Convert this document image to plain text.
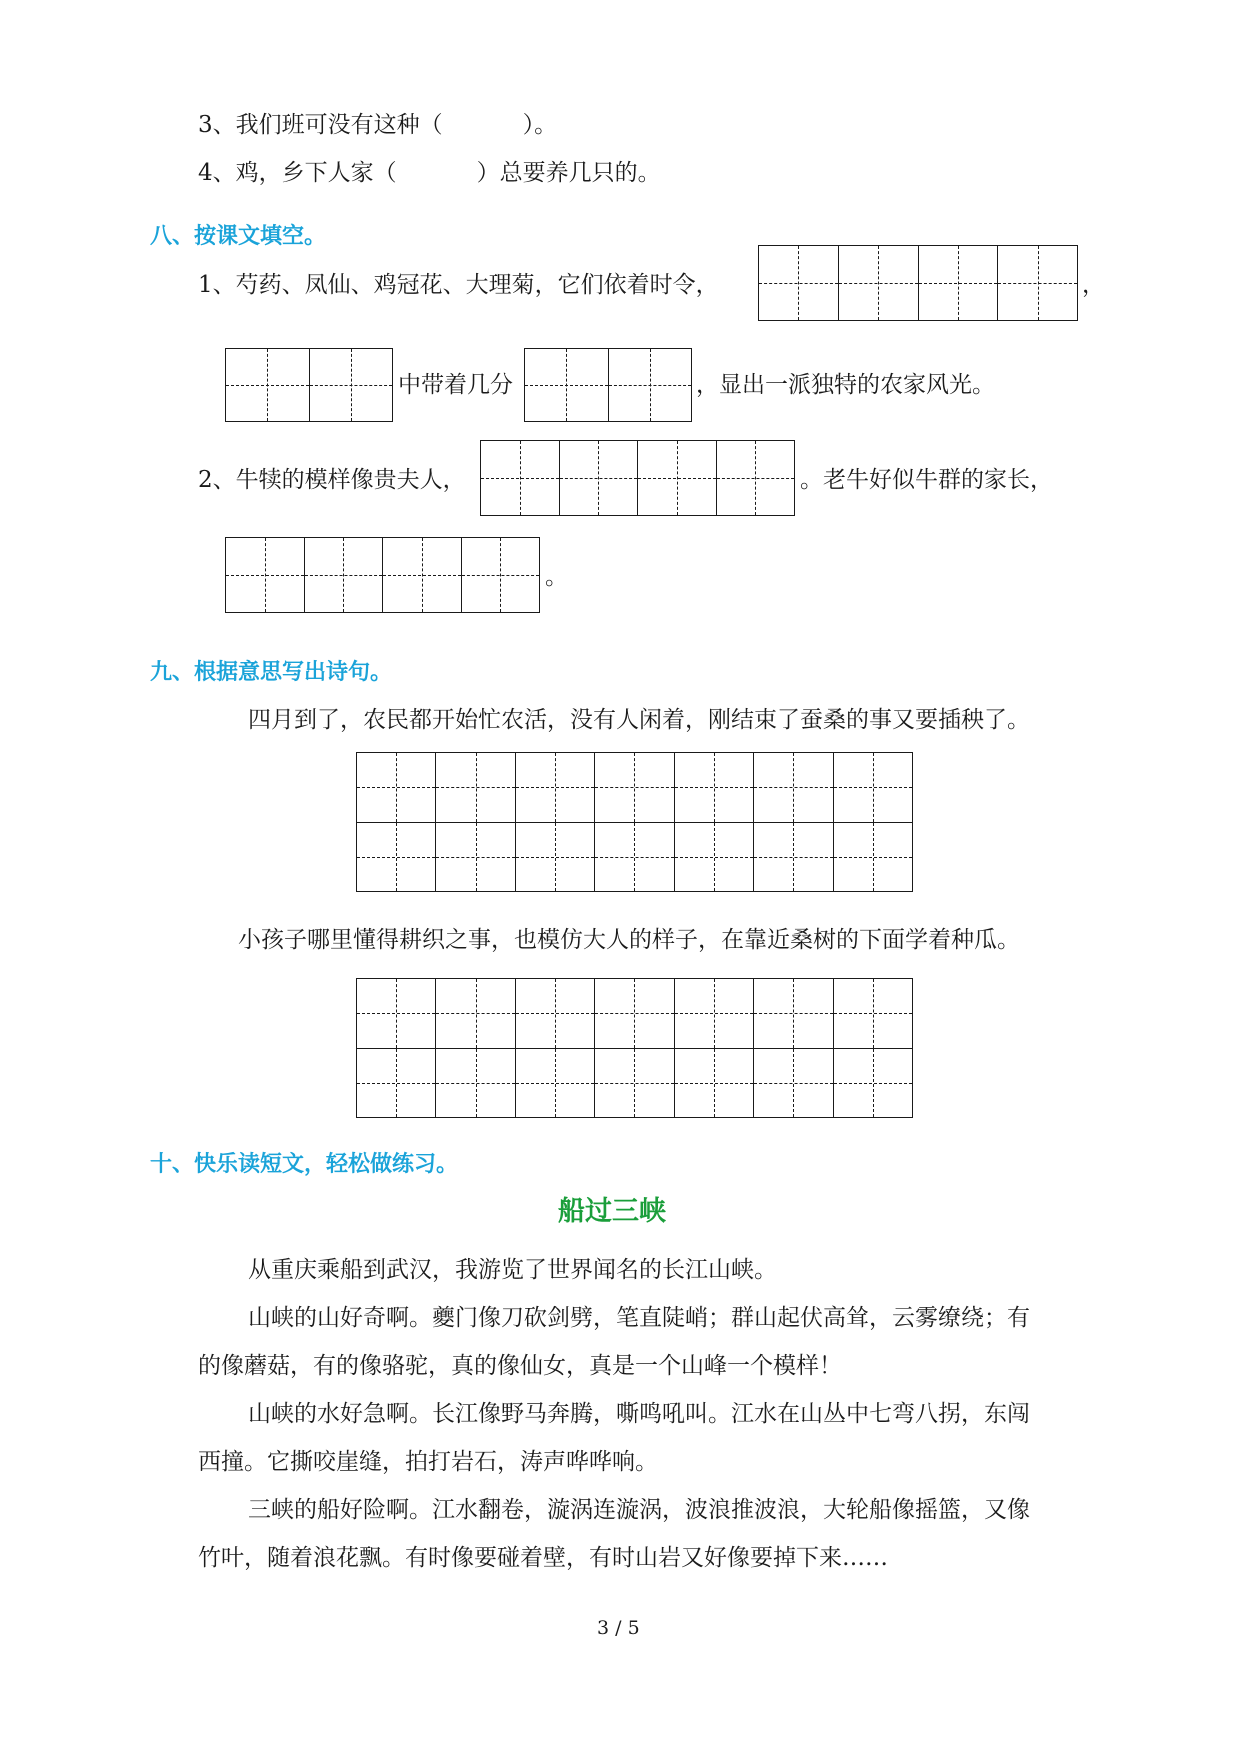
3、我们班可没有这种（	）。
4、鸡，乡下人家（	）总要养几只的。
八、按课文填空。
1、芍药、凤仙、鸡冠花、大理菊，它们依着时令，	，
中带着几分	，显出一派独特的农家风光。
2、牛犊的模样像贵夫人，	。老牛好似牛群的家长，
。
九、根据意思写出诗句。
四月到了，农民都开始忙农活，没有人闲着，刚结束了蚕桑的事又要插秧了。
小孩子哪里懂得耕织之事，也模仿大人的样子，在靠近桑树的下面学着种瓜。
十、快乐读短文，轻松做练习。
船过三峡
从重庆乘船到武汉，我游览了世界闻名的长江山峡。
山峡的山好奇啊。夔门像刀砍剑劈，笔直陡峭；群山起伏高耸，云雾缭绕；有
的像蘑菇，有的像骆驼，真的像仙女，真是一个山峰一个模样！
山峡的水好急啊。长江像野马奔腾，嘶鸣吼叫。江水在山丛中七弯八拐，东闯
西撞。它撕咬崖缝，拍打岩石，涛声哗哗响。
三峡的船好险啊。江水翻卷，漩涡连漩涡，波浪推波浪，大轮船像摇篮，又像
竹叶，随着浪花飘。有时像要碰着壁，有时山岩又好像要掉下来……
3 / 5
